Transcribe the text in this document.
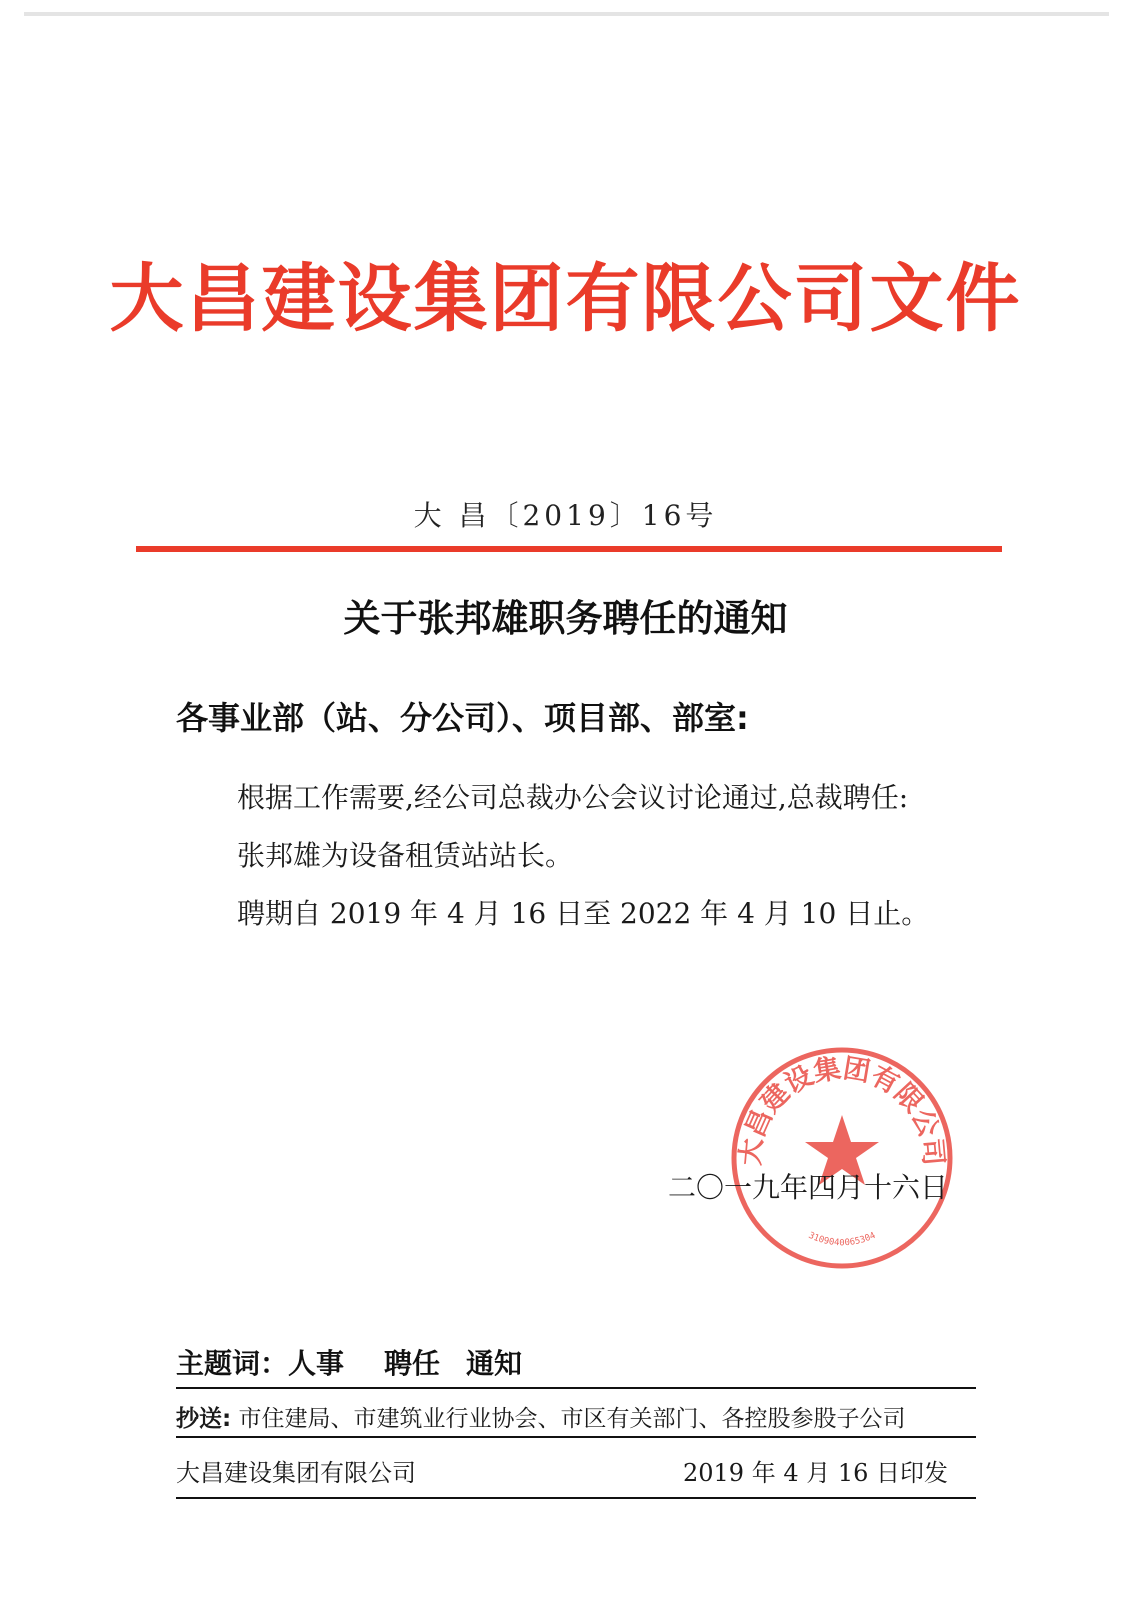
大昌建设集团有限公司文件
大 昌〔2019〕16号
关于张邦雄职务聘任的通知
各事业部（站、分公司）、项目部、部室:
根据工作需要,经公司总裁办公会议讨论通过,总裁聘任:
张邦雄为设备租赁站站长。
聘期自 2019 年 4 月 16 日至 2022 年 4 月 10 日止。
大昌建设集团有限公司
3109040065304
二〇一九年四月十六日
主题词：人事 聘任 通知
抄送: 市住建局、市建筑业行业协会、市区有关部门、各控股参股子公司
大昌建设集团有限公司	2019 年 4 月 16 日印发
